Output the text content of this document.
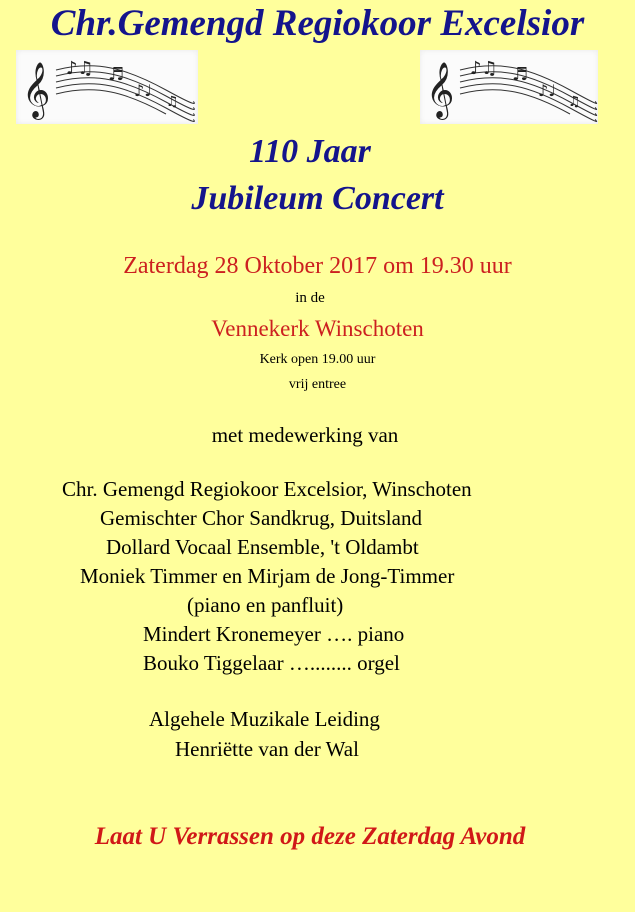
Chr.Gemengd Regiokoor Excelsior
𝄞 ♪♫ ♬
♪♩
♫	𝄞 ♪♫ ♬
♪♩
♫
110 Jaar
Jubileum Concert
Zaterdag 28 Oktober 2017 om 19.30 uur
in de
Vennekerk Winschoten
Kerk open 19.00 uur
vrij entree
met medewerking van
Chr. Gemengd Regiokoor Excelsior, Winschoten
Gemischter Chor Sandkrug, Duitsland
Dollard Vocaal Ensemble, 't Oldambt
Moniek Timmer en Mirjam de Jong-Timmer
(piano en panfluit)
Mindert Kronemeyer …. piano
Bouko Tiggelaar …........ orgel
Algehele Muzikale Leiding
Henriëtte van der Wal
Laat U Verrassen op deze Zaterdag Avond
